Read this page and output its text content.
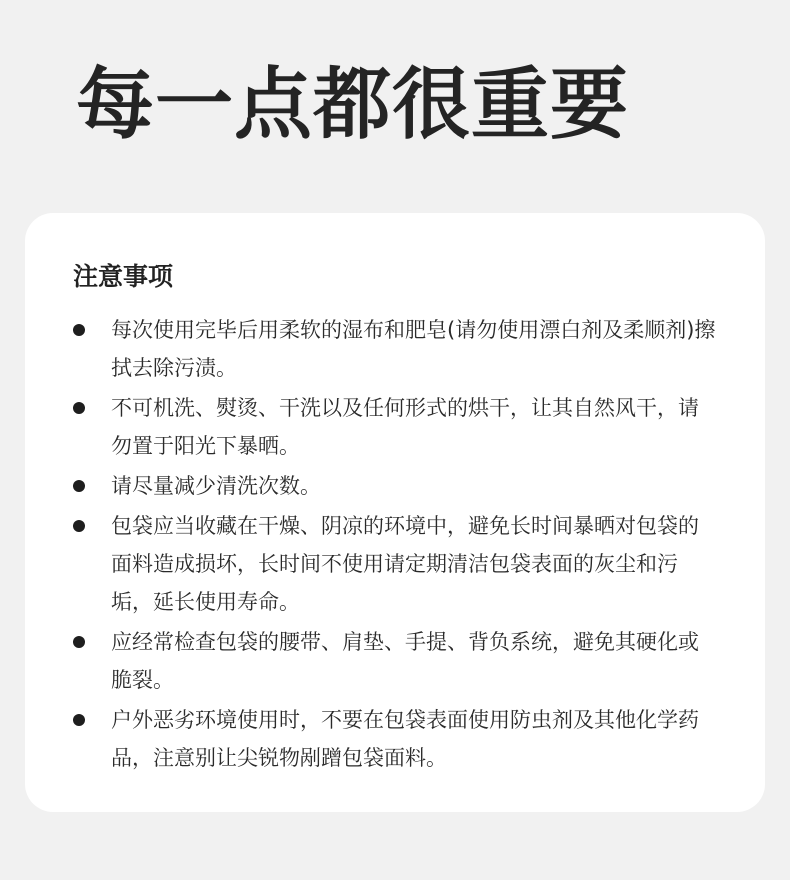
每一点都很重要
注意事项
每次使用完毕后用柔软的湿布和肥皂(请勿使用漂白剂及柔顺剂)擦拭去除污渍。
不可机洗、熨烫、干洗以及任何形式的烘干，让其自然风干，请勿置于阳光下暴晒。
请尽量减少清洗次数。
包袋应当收藏在干燥、阴凉的环境中，避免长时间暴晒对包袋的面料造成损坏，长时间不使用请定期清洁包袋表面的灰尘和污垢，延长使用寿命。
应经常检查包袋的腰带、肩垫、手提、背负系统，避免其硬化或脆裂。
户外恶劣环境使用时，不要在包袋表面使用防虫剂及其他化学药品，注意别让尖锐物剐蹭包袋面料。
